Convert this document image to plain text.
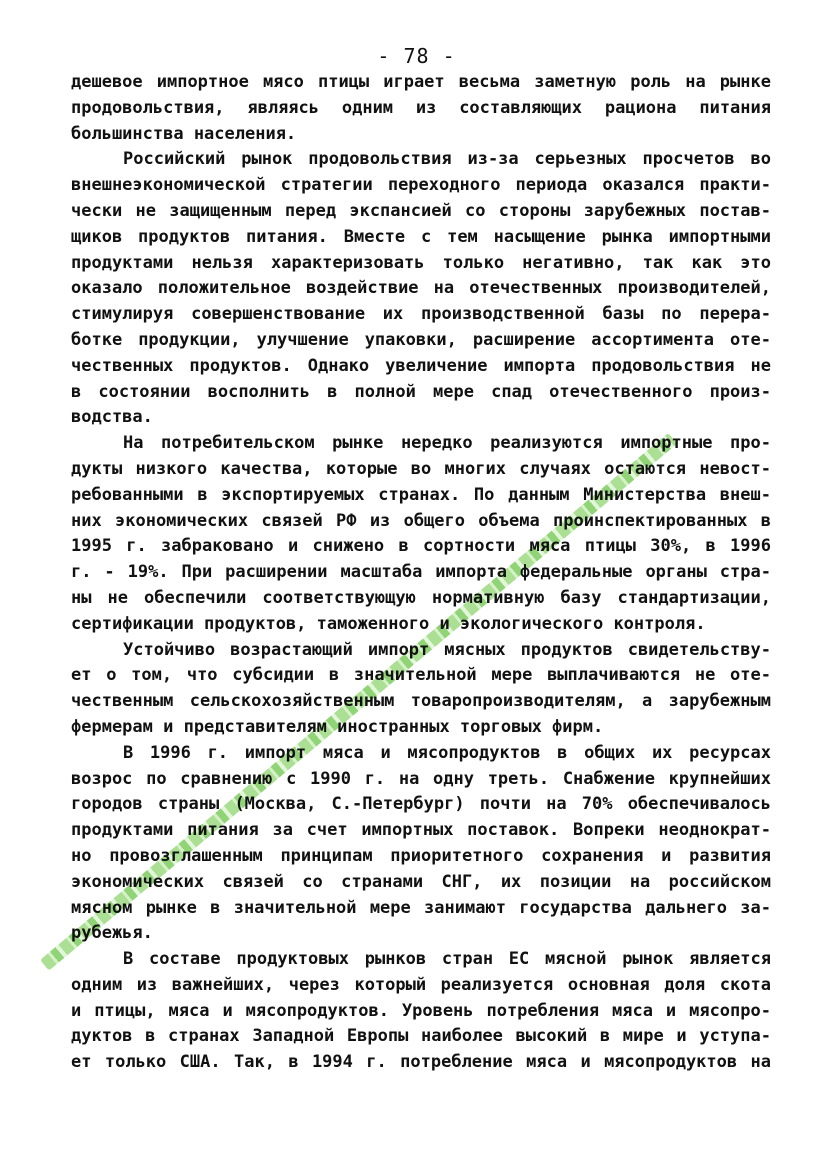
- 78 -

дешевое импортное мясо птицы играет весьма заметную роль на рынке
продовольствия, являясь одним из составляющих рациона питания
большинства населения.

Российский рынок продовольствия из-за серьезных просчетов во
внешнеэкономической стратегии переходного периода оказался практи-
чески не защищенным перед экспансией со стороны зарубежных постав-
щиков продуктов питания. Вместе с тем насыщение рынка импортными
продуктами нельзя характеризовать только негативно, так как это
оказало положительное воздействие на отечественных производителей,
стимулируя совершенствование их производственной базы по перера-
ботке продукции, улучшение упаковки, расширение ассортимента оте-
чественных продуктов. Однако увеличение импорта продовольствия не
в состоянии восполнить в полной мере спад отечественного произ-
водства.

На потребительском рынке нередко реализуются импортные про-
дукты низкого качества, которые во многих случаях остаются невост-
ребованными в экспортируемых странах. По данным Министерства внеш-
них экономических связей РФ из общего объема проинспектированных в
1995 г. забраковано и снижено в сортности мяса птицы 30%, в 1996
г. - 19%. При расширении масштаба импорта федеральные органы стра-
ны не обеспечили соответствующую нормативную базу стандартизации,
сертификации продуктов, таможенного и экологического контроля.

Устойчиво возрастающий импорт мясных продуктов свидетельству-
ет о том, что субсидии в значительной мере выплачиваются не оте-
чественным сельскохозяйственным товаропроизводителям, а зарубежным
фермерам и представителям иностранных торговых фирм.

В 1996 г. импорт мяса и мясопродуктов в общих их ресурсах
возрос по сравнению с 1990 г. на одну треть. Снабжение крупнейших
городов страны (Москва, С.-Петербург) почти на 70% обеспечивалось
продуктами питания за счет импортных поставок. Вопреки неоднократ-
но провозглашенным принципам приоритетного сохранения и развития
экономических связей со странами СНГ, их позиции на российском
мясном рынке в значительной мере занимают государства дальнего за-
рубежья.

В составе продуктовых рынков стран ЕС мясной рынок является
одним из важнейших, через который реализуется основная доля скота
и птицы, мяса и мясопродуктов. Уровень потребления мяса и мясопро-
дуктов в странах Западной Европы наиболее высокий в мире и уступа-
ет только США. Так, в 1994 г. потребление мяса и мясопродуктов на
